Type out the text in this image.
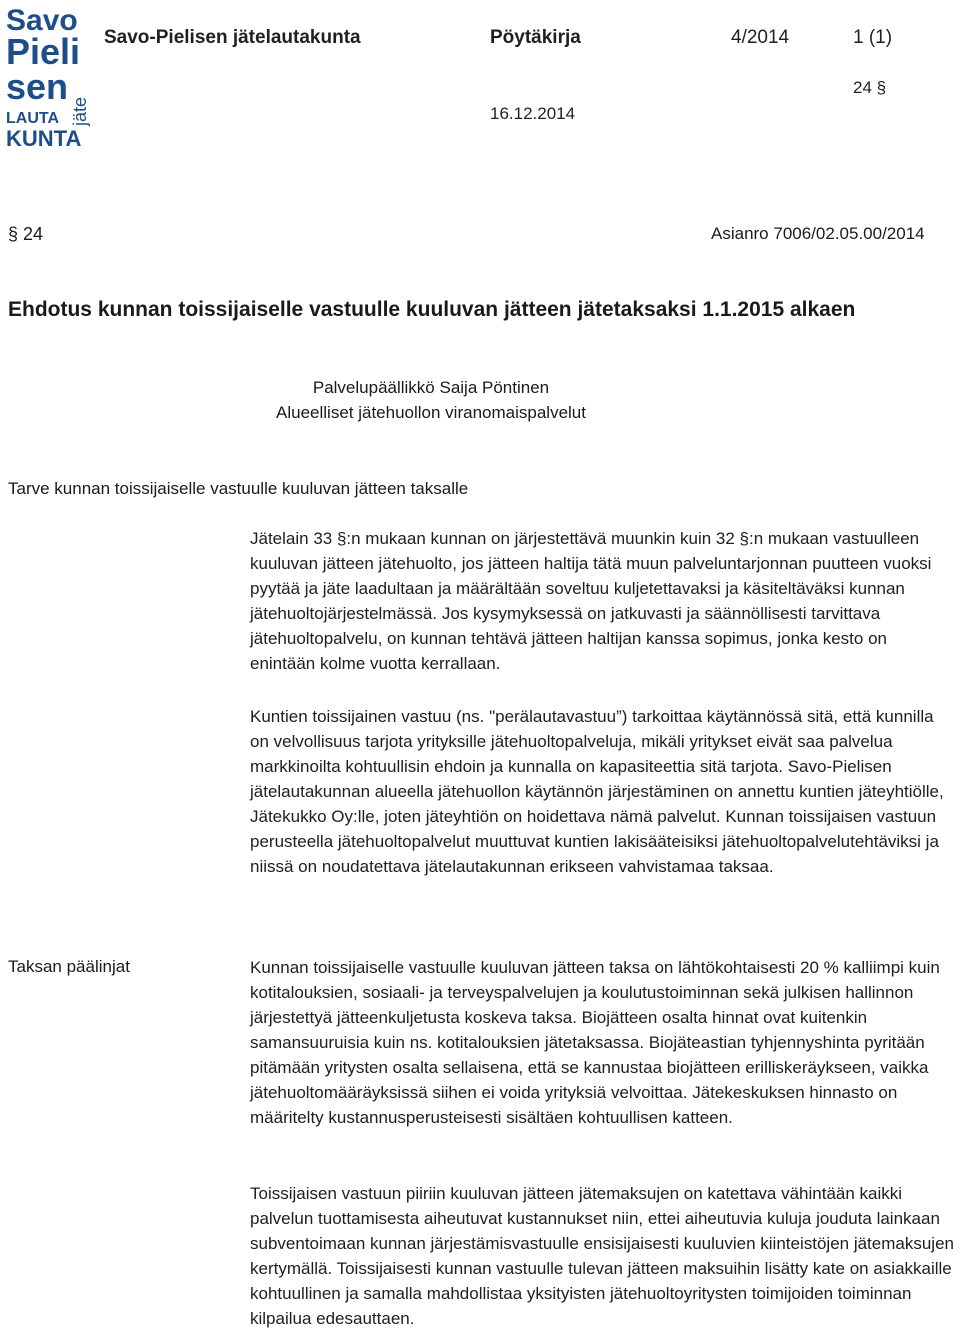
Savo
Pieli
sen
LAUTA
KUNTA
jäte
Savo-Pielisen jätelautakunta	Pöytäkirja	4/2014	1 (1)
24 §
16.12.2014
§ 24	Asianro 7006/02.05.00/2014
Ehdotus kunnan toissijaiselle vastuulle kuuluvan jätteen jätetaksaksi 1.1.2015 alkaen
Palvelupäällikkö Saija Pöntinen
Alueelliset jätehuollon viranomaispalvelut
Tarve kunnan toissijaiselle vastuulle kuuluvan jätteen taksalle

Jätelain 33 §:n mukaan kunnan on järjestettävä muunkin kuin 32 §:n mukaan vastuulleen kuuluvan jätteen jätehuolto, jos jätteen haltija tätä muun palveluntarjonnan puutteen vuoksi pyytää ja jäte laadultaan ja määrältään soveltuu kuljetettavaksi ja käsiteltäväksi kunnan jätehuoltojärjestelmässä. Jos kysymyksessä on jatkuvasti ja säännöllisesti tarvittava jätehuoltopalvelu, on kunnan tehtävä jätteen haltijan kanssa sopimus, jonka kesto on enintään kolme vuotta kerrallaan.

Kuntien toissijainen vastuu (ns. "perälautavastuu”) tarkoittaa käytännössä sitä, että kunnilla on velvollisuus tarjota yrityksille jätehuoltopalveluja, mikäli yritykset eivät saa palvelua markkinoilta kohtuullisin ehdoin ja kunnalla on kapasiteettia sitä tarjota. Savo-Pielisen jätelautakunnan alueella jätehuollon käytännön järjestäminen on annettu kuntien jäteyhtiölle, Jätekukko Oy:lle, joten jäteyhtiön on hoidettava nämä palvelut. Kunnan toissijaisen vastuun perusteella jätehuoltopalvelut muuttuvat kuntien lakisääteisiksi jätehuoltopalvelutehtäviksi ja niissä on noudatettava jätelautakunnan erikseen vahvistamaa taksaa.

Taksan päälinjat	Kunnan toissijaiselle vastuulle kuuluvan jätteen taksa on lähtökohtaisesti 20 % kalliimpi kuin kotitalouksien, sosiaali- ja terveyspalvelujen ja koulutustoiminnan sekä julkisen hallinnon järjestettyä jätteenkuljetusta koskeva taksa. Biojätteen osalta hinnat ovat kuitenkin samansuuruisia kuin ns. kotitalouksien jätetaksassa. Biojäteastian tyhjennyshinta pyritään pitämään yritysten osalta sellaisena, että se kannustaa biojätteen erilliskeräykseen, vaikka jätehuoltomääräyksissä siihen ei voida yrityksiä velvoittaa. Jätekeskuksen hinnasto on määritelty kustannusperusteisesti sisältäen kohtuullisen katteen.

Toissijaisen vastuun piiriin kuuluvan jätteen jätemaksujen on katettava vähintään kaikki palvelun tuottamisesta aiheutuvat kustannukset niin, ettei aiheutuvia kuluja jouduta lainkaan subventoimaan kunnan järjestämisvastuulle ensisijaisesti kuuluvien kiinteistöjen jätemaksujen kertymällä. Toissijaisesti kunnan vastuulle tulevan jätteen maksuihin lisätty kate on asiakkaille kohtuullinen ja samalla mahdollistaa yksityisten jätehuoltoyritysten toimijoiden toiminnan kilpailua edesauttaen.
